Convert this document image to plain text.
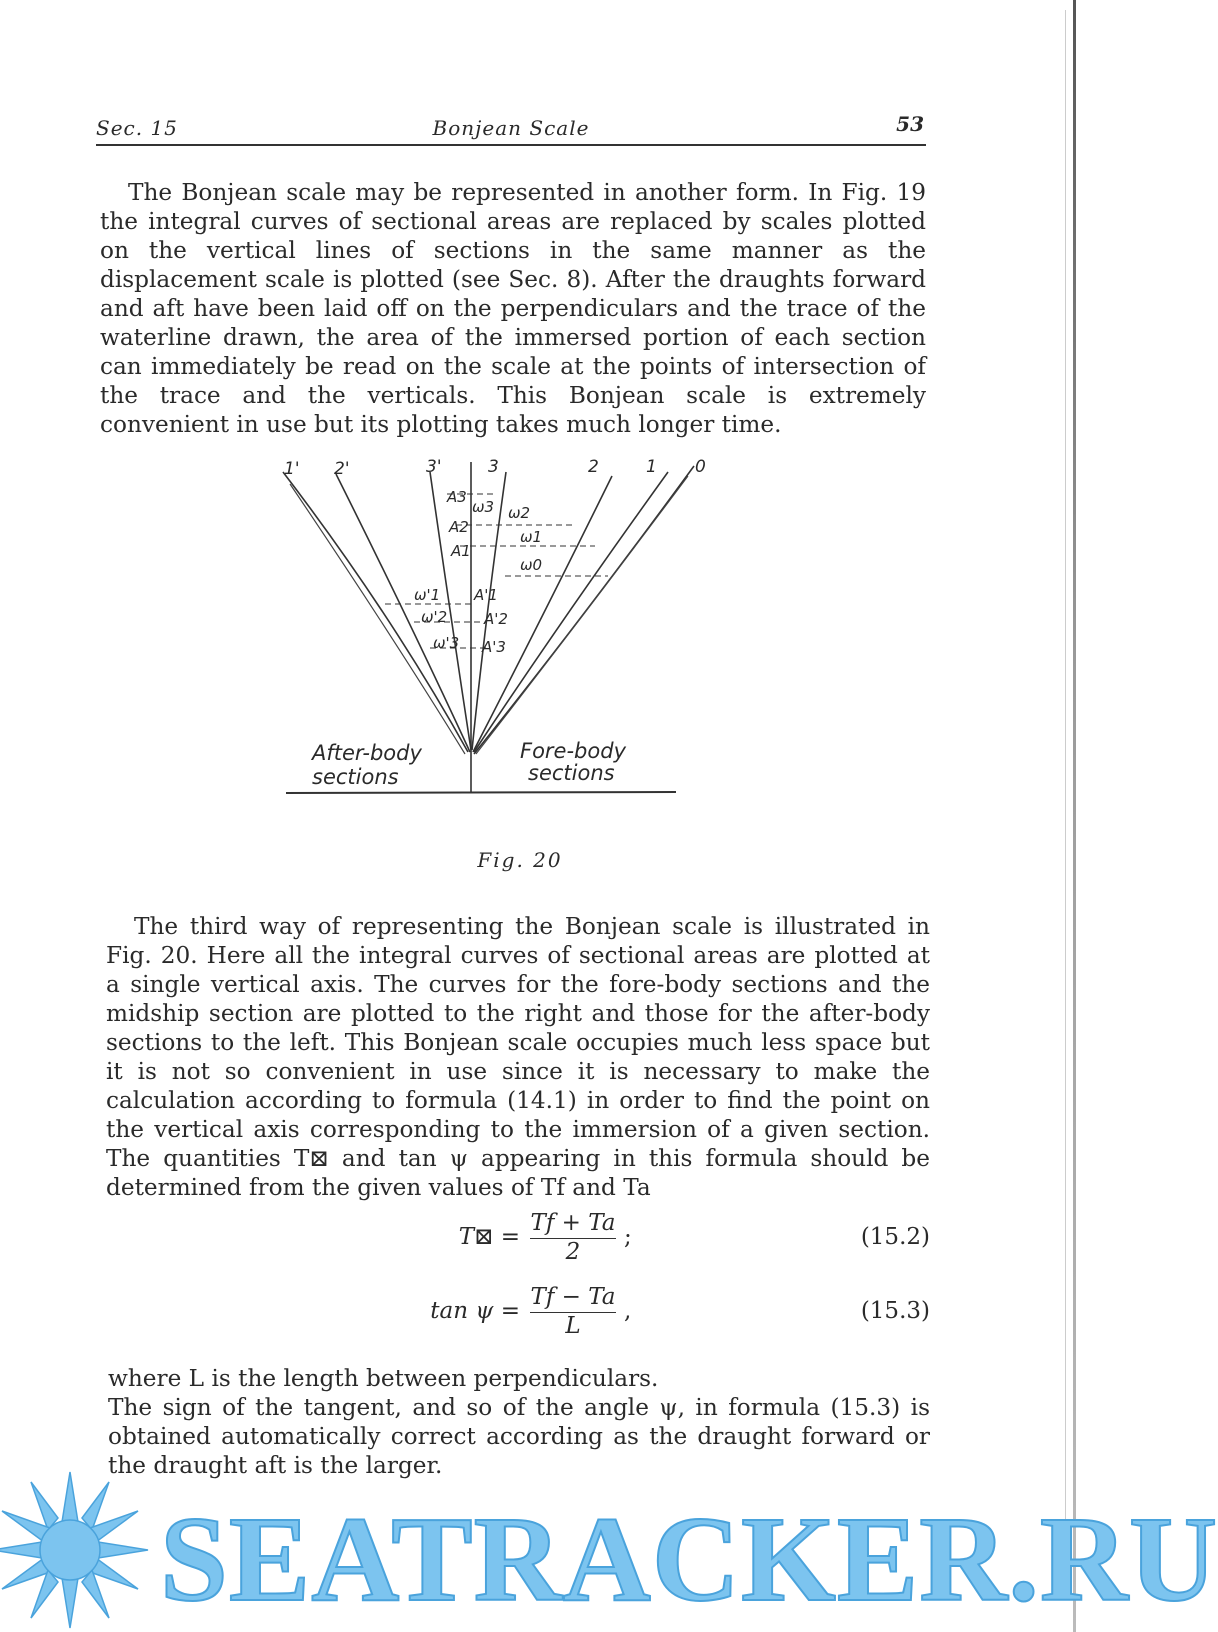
Sec. 15	Bonjean Scale	53

The Bonjean scale may be represented in another form. In Fig. 19 the integral curves of sectional areas are replaced by scales plotted on the vertical lines of sections in the same manner as the displacement scale is plotted (see Sec. 8). After the draughts forward and aft have been laid off on the perpendiculars and the trace of the waterline drawn, the area of the immersed portion of each section can immediately be read on the scale at the points of intersection of the trace and the verticals. This Bonjean scale is extremely convenient in use but its plotting takes much longer time.

1' 2'	3'	3	2	1 0
A3
A2
A1
ω3 ω2
ω1
ω0
ω'1
ω'2
ω'3
A'1
A'2
A'3
After-body
sections
Fore-body
sections
Fig. 20

The third way of representing the Bonjean scale is illustrated in Fig. 20. Here all the integral curves of sectional areas are plotted at a single vertical axis. The curves for the fore-body sections and the midship section are plotted to the right and those for the after-body sections to the left. This Bonjean scale occupies much less space but it is not so convenient in use since it is necessary to make the calculation according to formula (14.1) in order to find the point on the vertical axis corresponding to the immersion of a given section. The quantities T⊠ and tan ψ appearing in this formula should be determined from the given values of Tf and Ta

T⊠ = $\frac{Tf + Ta}{2}$ ;	(15.2)
$\tan \psi = \frac{Tf - Ta}{L}$ ,	(15.3)

where L is the length between perpendiculars.

The sign of the tangent, and so of the angle ψ, in formula (15.3) is obtained automatically correct according as the draught forward or the draught aft is the larger.

SEATRACKER.RU
